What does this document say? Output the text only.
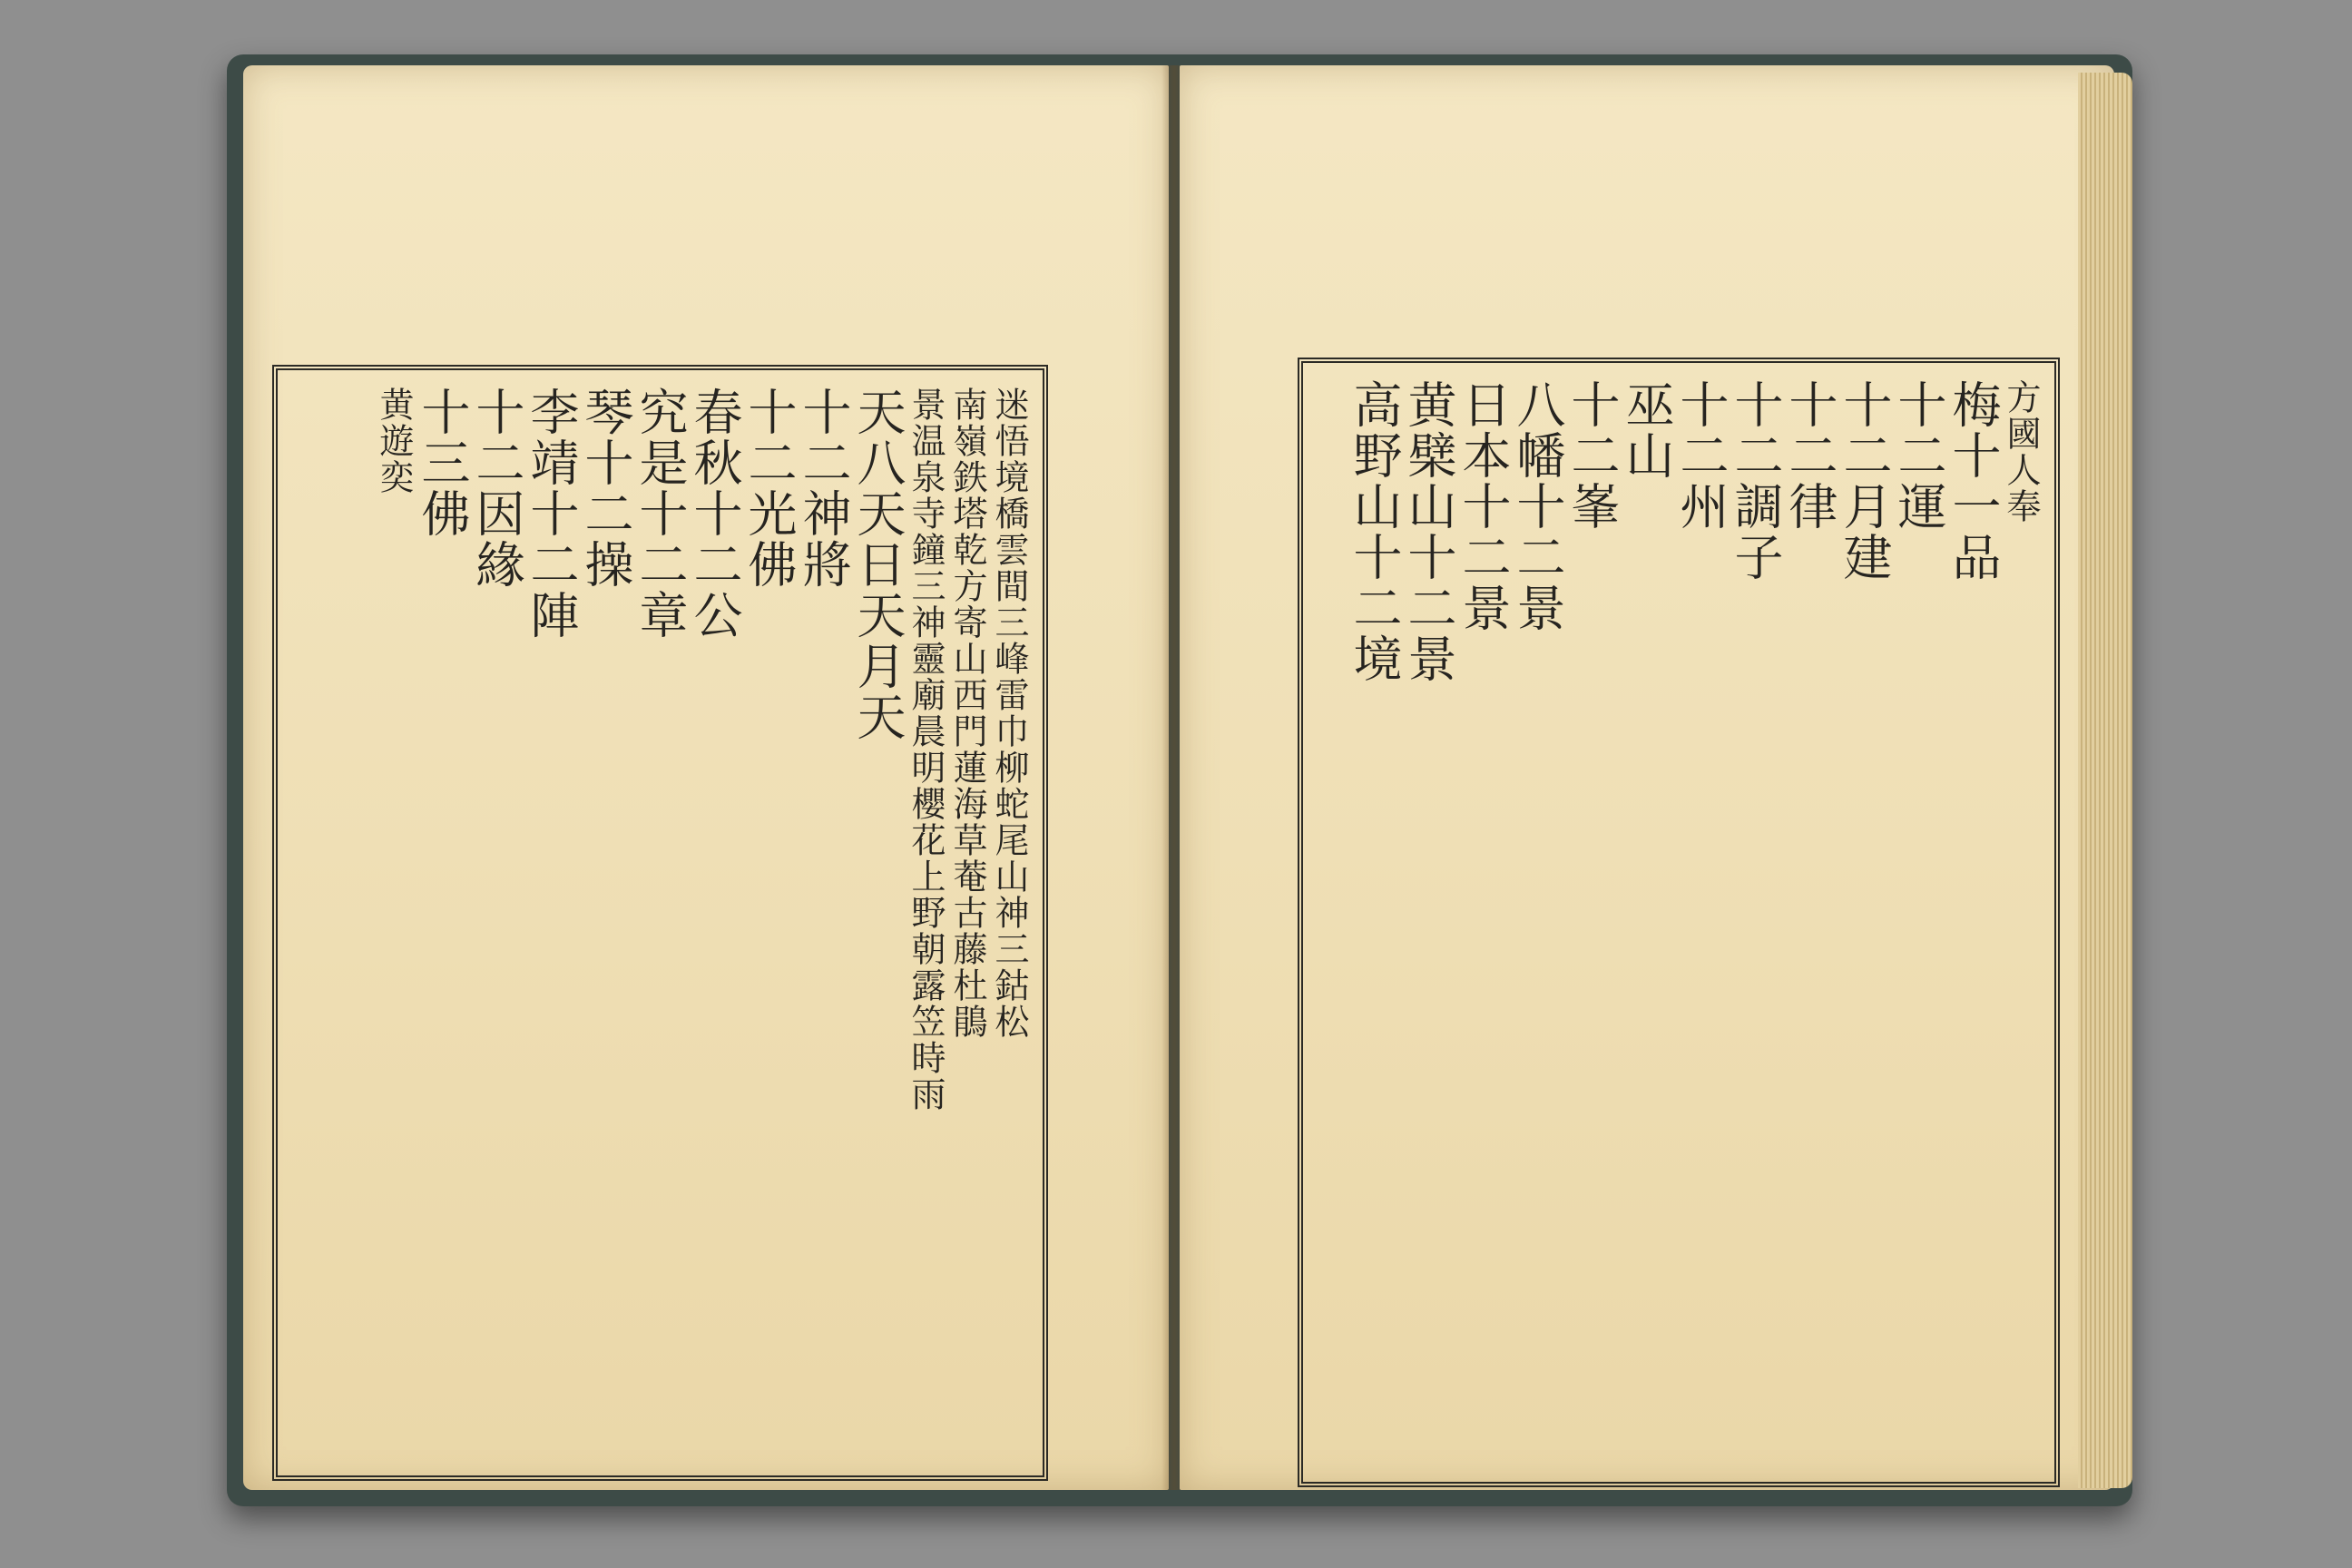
迷悟境橋雲間三峰雷巾柳蛇尾山神三鈷松
南嶺鉄塔乾方寄山西門蓮海草菴古藤杜鵑
景温泉寺鐘三神靈廟晨明櫻花上野朝露笠時雨
天八天日天月天
十二神將
十二光佛
春秋十二公
究是十二章
琴十二操
李靖十二陣
十二因緣
十三佛
黄遊奕	方國人奉
梅十一品
十二運
十二月建
十二律
十二調子
十二州
巫山
十二峯
八幡十二景
日本十二景
黄檗山十二景
高野山十二境
